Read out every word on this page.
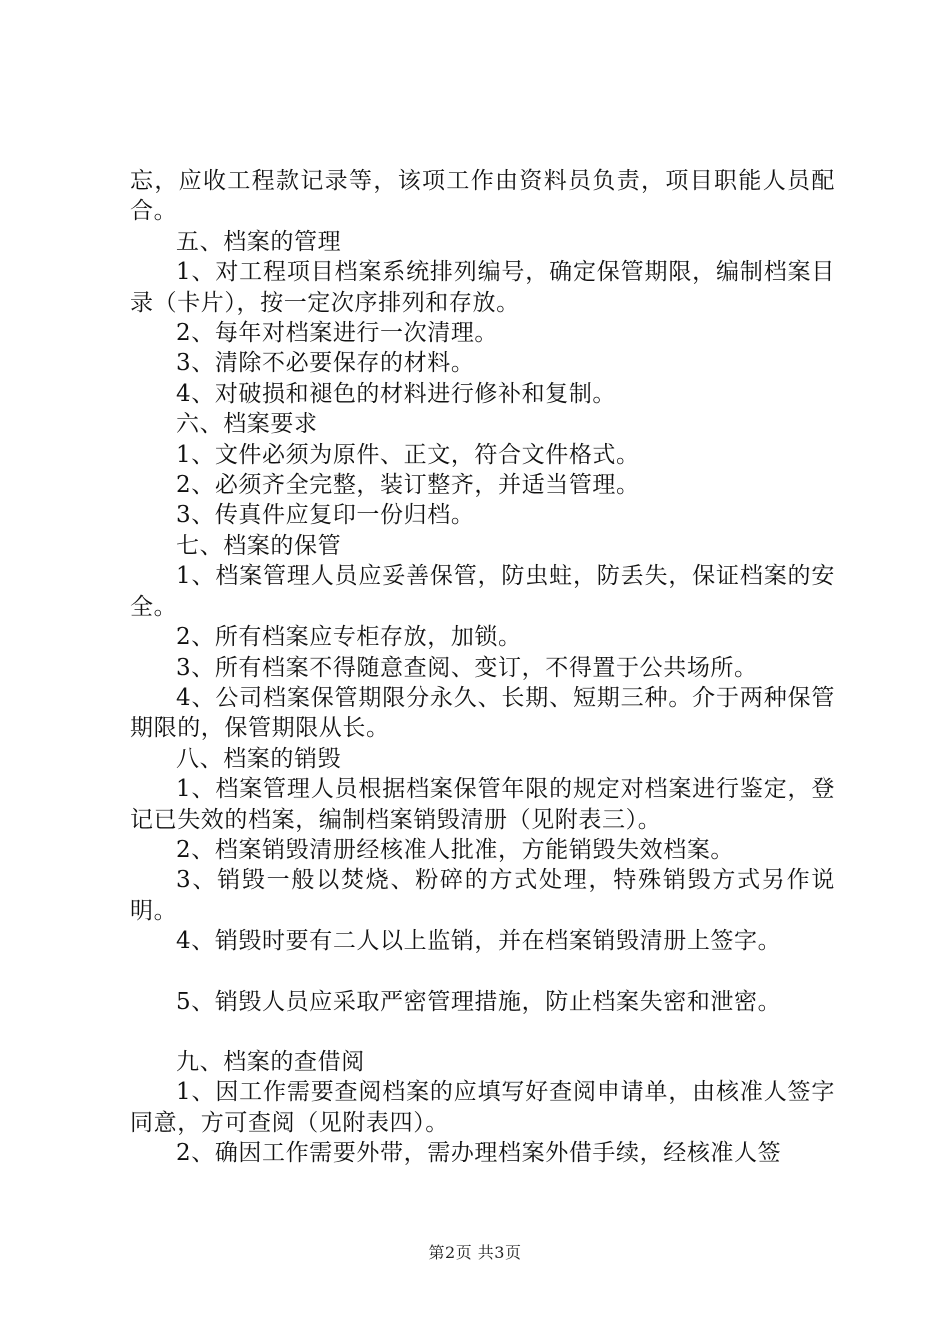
忘，应收工程款记录等，该项工作由资料员负责，项目职能人员配合。

五、档案的管理

1、对工程项目档案系统排列编号，确定保管期限，编制档案目录（卡片），按一定次序排列和存放。

2、每年对档案进行一次清理。

3、清除不必要保存的材料。

4、对破损和褪色的材料进行修补和复制。

六、档案要求

1、文件必须为原件、正文，符合文件格式。

2、必须齐全完整，装订整齐，并适当管理。

3、传真件应复印一份归档。

七、档案的保管

1、档案管理人员应妥善保管，防虫蛀，防丢失，保证档案的安全。

2、所有档案应专柜存放，加锁。

3、所有档案不得随意查阅、变订，不得置于公共场所。

4、公司档案保管期限分永久、长期、短期三种。介于两种保管期限的，保管期限从长。

八、档案的销毁

1、档案管理人员根据档案保管年限的规定对档案进行鉴定，登记已失效的档案，编制档案销毁清册（见附表三）。

2、档案销毁清册经核准人批准，方能销毁失效档案。

3、销毁一般以焚烧、粉碎的方式处理，特殊销毁方式另作说明。

4、销毁时要有二人以上监销，并在档案销毁清册上签字。

5、销毁人员应采取严密管理措施，防止档案失密和泄密。

九、档案的查借阅

1、因工作需要查阅档案的应填写好查阅申请单，由核准人签字同意，方可查阅（见附表四）。

2、确因工作需要外带，需办理档案外借手续，经核准人签

第2页 共3页
